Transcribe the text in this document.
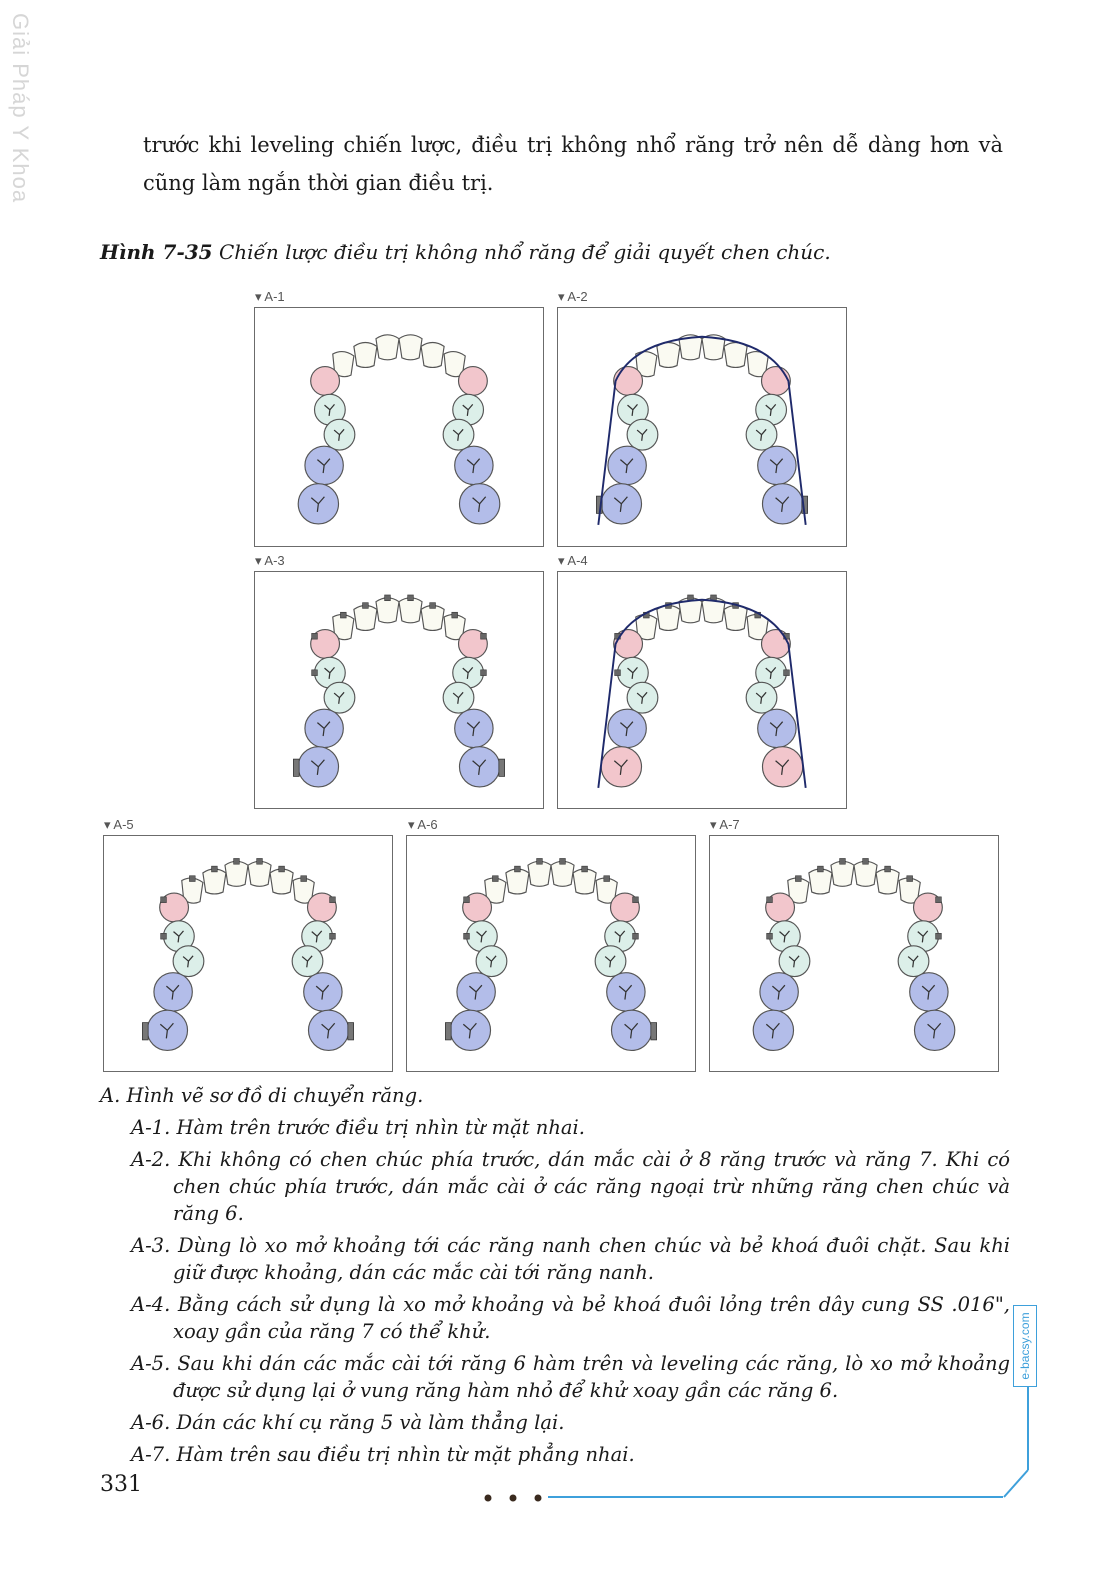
Giải Pháp Y Khoa	trước khi leveling chiến lược, điều trị không nhổ răng trở nên dễ dàng hơn và cũng làm ngắn thời gian điều trị.

Hình 7-35 Chiến lược điều trị không nhổ răng để giải quyết chen chúc.
▾ A-1	▾ A-2
▾ A-3	▾ A-4
▾ A-5	▾ A-6	▾ A-7

A. Hình vẽ sơ đồ di chuyển răng.

A-1. Hàm trên trước điều trị nhìn từ mặt nhai.

A-2. Khi không có chen chúc phía trước, dán mắc cài ở 8 răng trước và răng 7. Khi có chen chúc phía trước, dán mắc cài ở các răng ngoại trừ những răng chen chúc và răng 6.

A-3. Dùng lò xo mở khoảng tới các răng nanh chen chúc và bẻ khoá đuôi chặt. Sau khi giữ được khoảng, dán các mắc cài tới răng nanh.

A-4. Bằng cách sử dụng là xo mở khoảng và bẻ khoá đuôi lỏng trên dây cung SS .016", xoay gần của răng 7 có thể khử.

A-5. Sau khi dán các mắc cài tới răng 6 hàm trên và leveling các răng, lò xo mở khoảng được sử dụng lại ở vung răng hàm nhỏ để khử xoay gần các răng 6.

A-6. Dán các khí cụ răng 5 và làm thẳng lại.

A-7. Hàm trên sau điều trị nhìn từ mặt phẳng nhai.

331
e-bacsy.com
